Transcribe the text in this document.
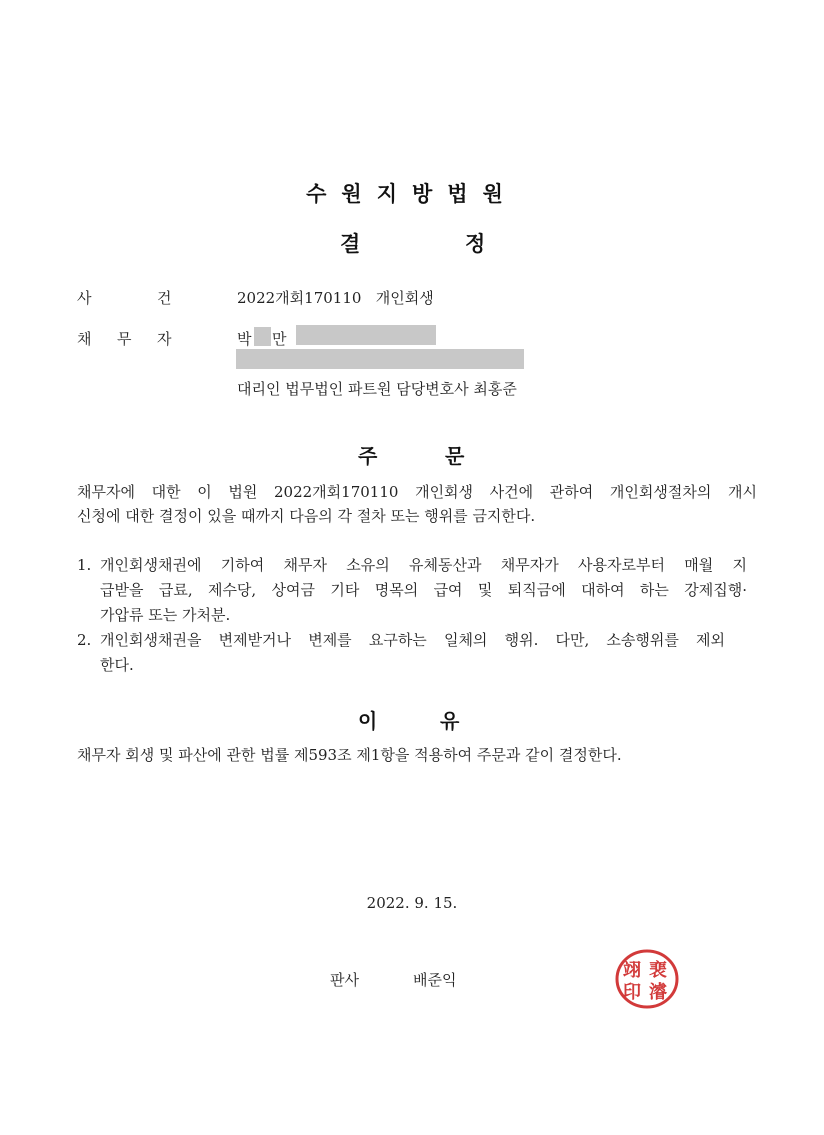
수원지방법원
결	정
사	건	2022개회170110   개인회생
채 무 자	박 만
대리인 법무법인 파트원 담당변호사 최홍준
주	문
채무자에 대한 이 법원 2022개회170110 개인회생 사건에 관하여 개인회생절차의 개시
신청에 대한 결정이 있을 때까지 다음의 각 절차 또는 행위를 금지한다.
1. 개인회생채권에 기하여 채무자 소유의 유체동산과 채무자가 사용자로부터 매월 지
급받을 급료, 제수당, 상여금 기타 명목의 급여 및 퇴직금에 대하여 하는 강제집행·
가압류 또는 가처분.
2. 개인회생채권을 변제받거나 변제를 요구하는 일체의 행위. 다만, 소송행위를 제외
한다.
이	유
채무자 회생 및 파산에 관한 법률 제593조 제1항을 적용하여 주문과 같이 결정한다.
2022. 9. 15.
판사	배준익	翊 裵
印 濬
